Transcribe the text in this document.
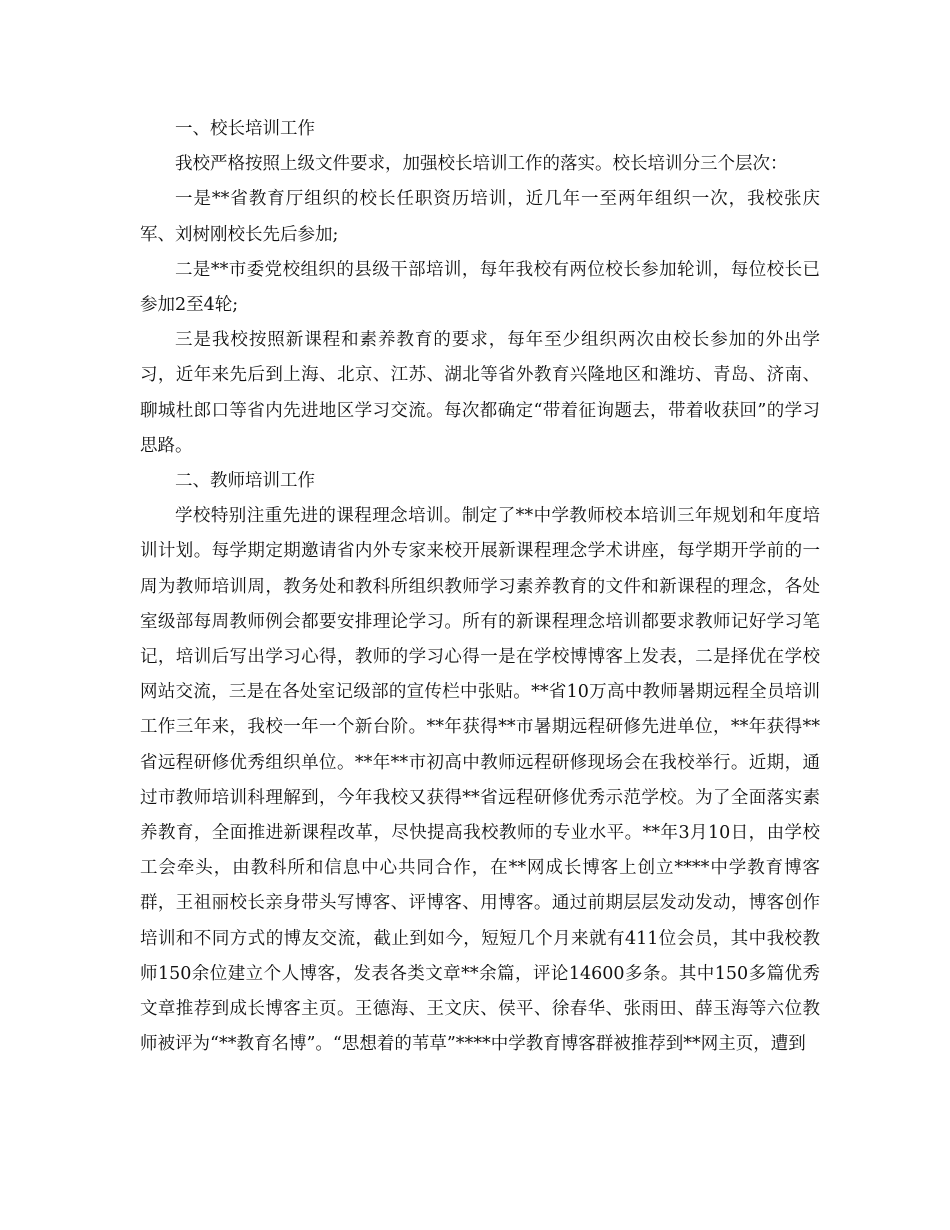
一、校长培训工作

我校严格按照上级文件要求，加强校长培训工作的落实。校长培训分三个层次：

一是**省教育厅组织的校长任职资历培训，近几年一至两年组织一次，我校张庆军、刘树刚校长先后参加;

二是**市委党校组织的县级干部培训，每年我校有两位校长参加轮训，每位校长已参加2至4轮;

三是我校按照新课程和素养教育的要求，每年至少组织两次由校长参加的外出学习，近年来先后到上海、北京、江苏、湖北等省外教育兴隆地区和潍坊、青岛、济南、聊城杜郎口等省内先进地区学习交流。每次都确定“带着征询题去，带着收获回”的学习思路。

二、教师培训工作

学校特别注重先进的课程理念培训。制定了**中学教师校本培训三年规划和年度培训计划。每学期定期邀请省内外专家来校开展新课程理念学术讲座，每学期开学前的一周为教师培训周，教务处和教科所组织教师学习素养教育的文件和新课程的理念，各处室级部每周教师例会都要安排理论学习。所有的新课程理念培训都要求教师记好学习笔记，培训后写出学习心得，教师的学习心得一是在学校博博客上发表，二是择优在学校网站交流，三是在各处室记级部的宣传栏中张贴。**省10万高中教师暑期远程全员培训工作三年来，我校一年一个新台阶。**年获得**市暑期远程研修先进单位，**年获得**省远程研修优秀组织单位。**年**市初高中教师远程研修现场会在我校举行。近期，通过市教师培训科理解到，今年我校又获得**省远程研修优秀示范学校。为了全面落实素养教育，全面推进新课程改革，尽快提高我校教师的专业水平。**年3月10日，由学校工会牵头，由教科所和信息中心共同合作，在**网成长博客上创立****中学教育博客群，王祖丽校长亲身带头写博客、评博客、用博客。通过前期层层发动发动，博客创作培训和不同方式的博友交流，截止到如今，短短几个月来就有411位会员，其中我校教师150余位建立个人博客，发表各类文章**余篇，评论14600多条。其中150多篇优秀文章推荐到成长博客主页。王德海、王文庆、侯平、徐春华、张雨田、薛玉海等六位教师被评为“**教育名博”。“思想着的苇草”****中学教育博客群被推荐到**网主页，遭到
